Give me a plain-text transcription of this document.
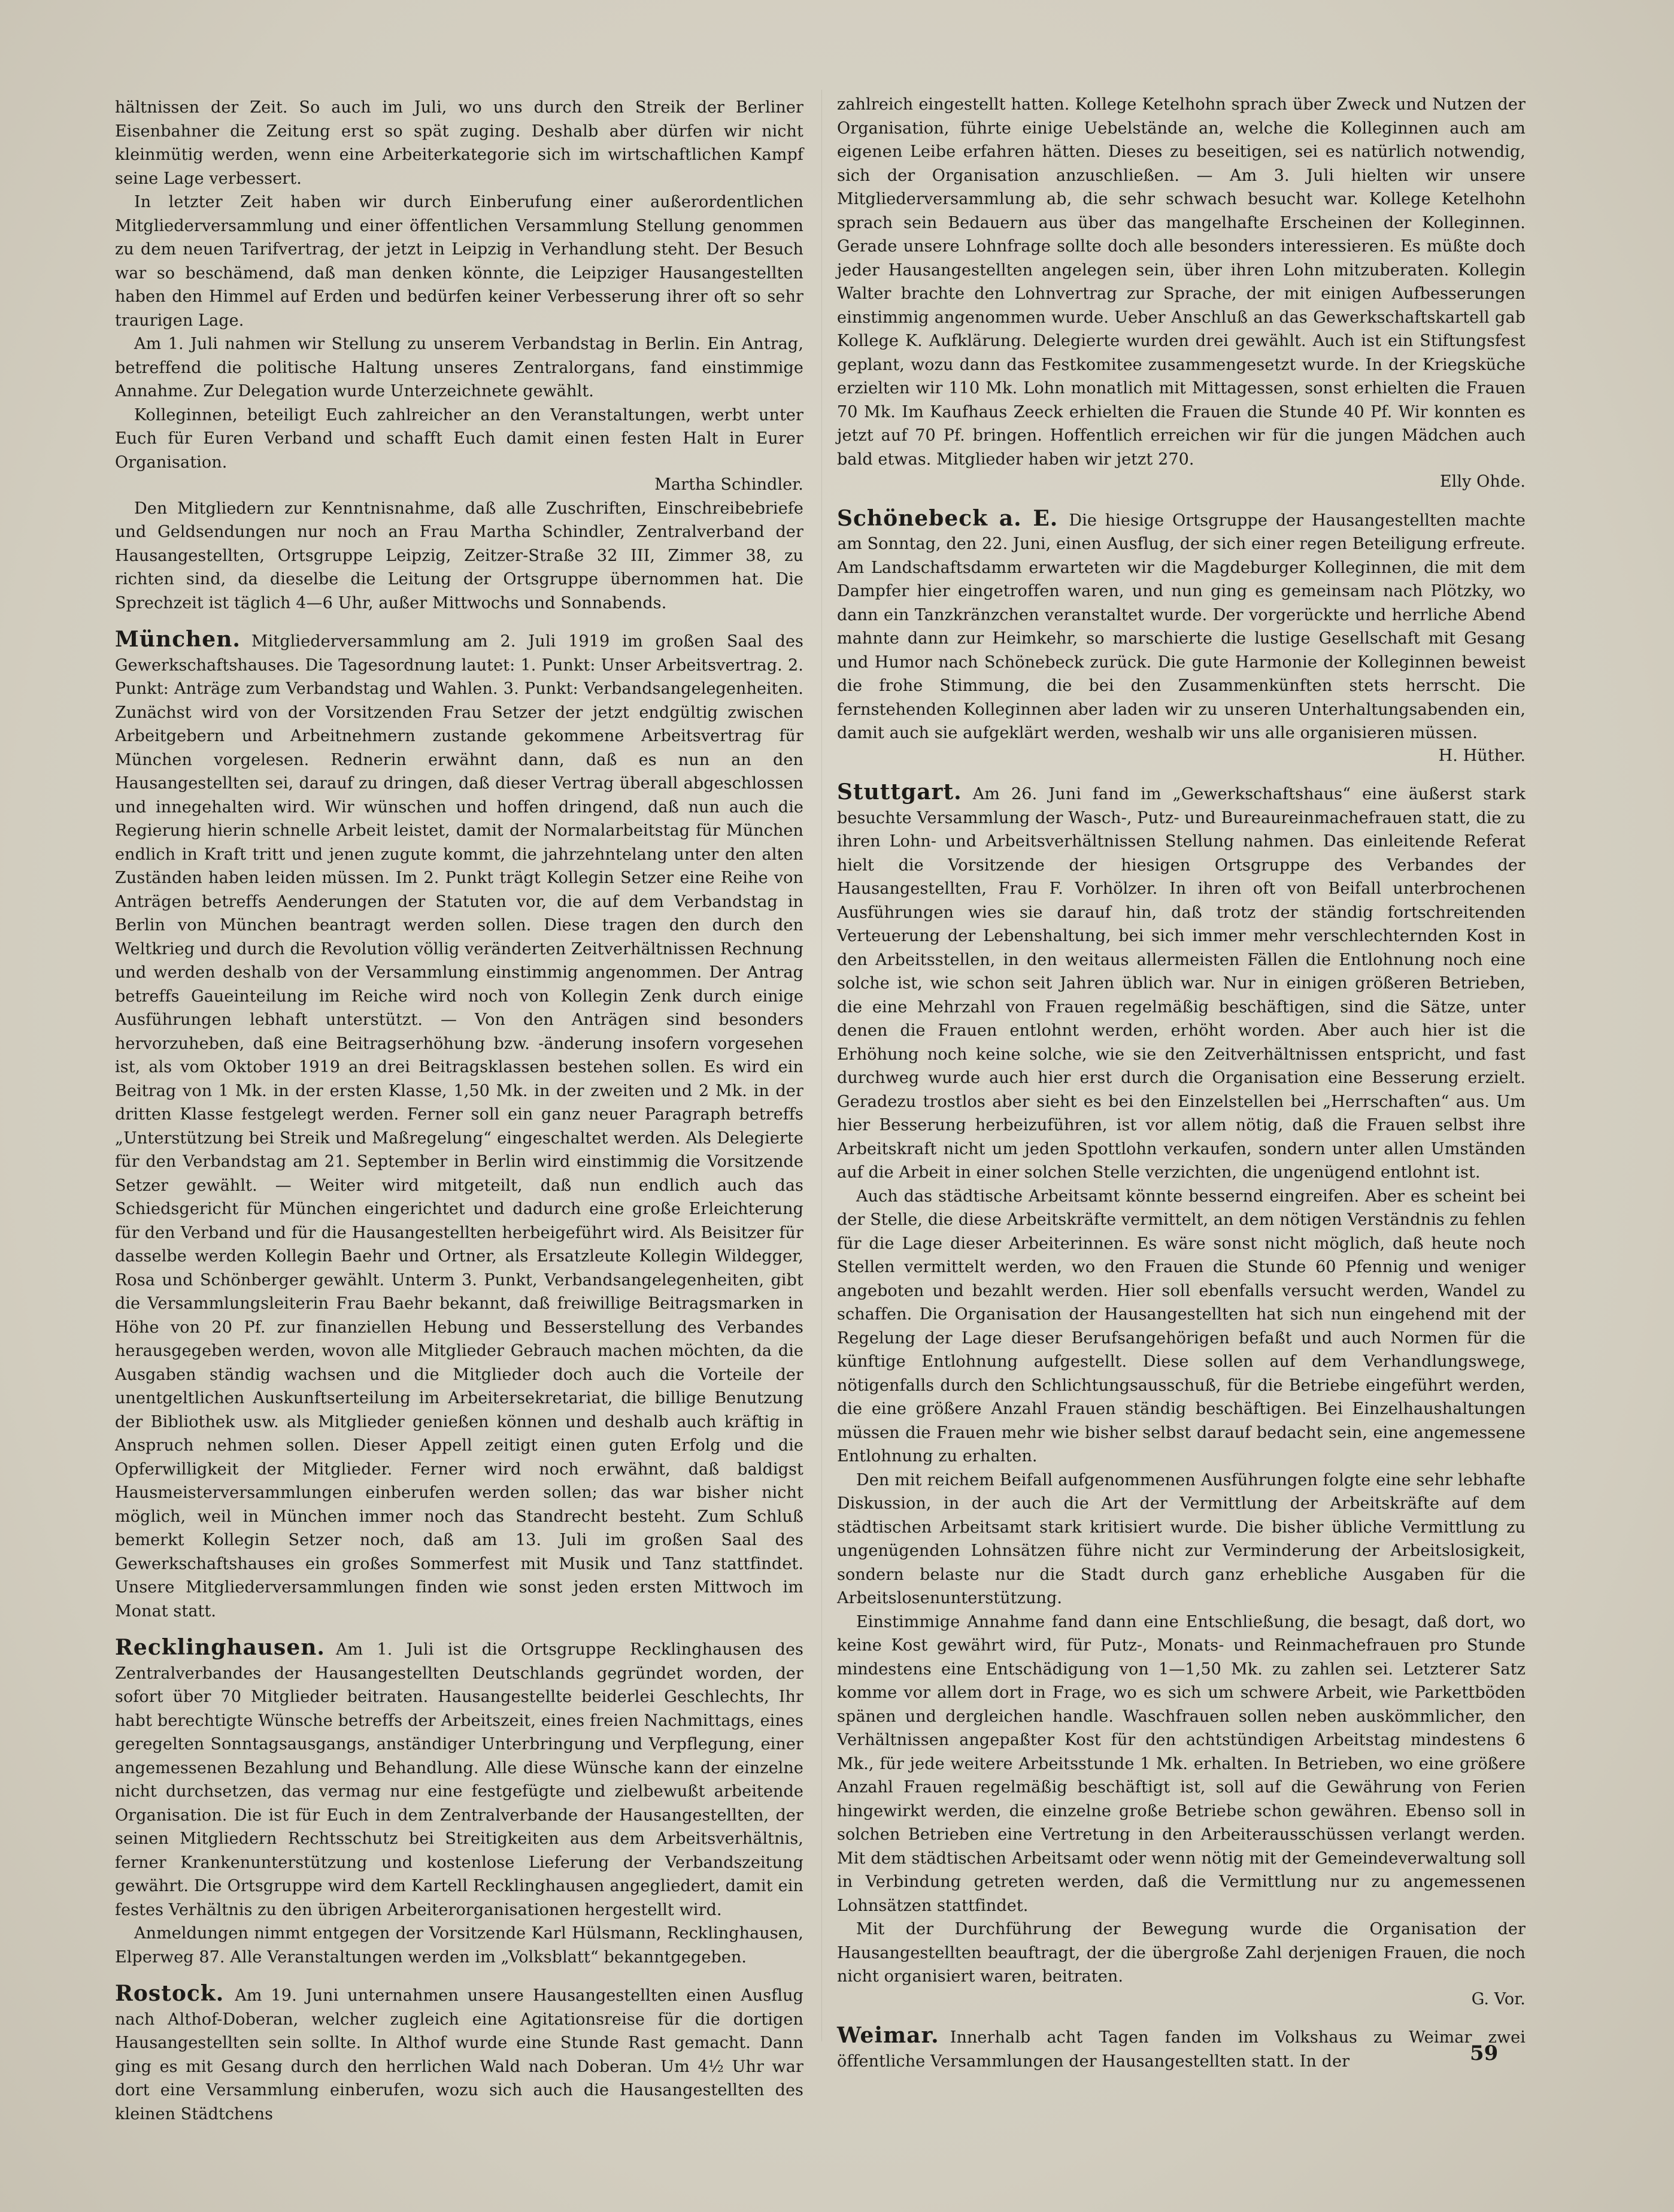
hältnissen der Zeit. So auch im Juli, wo uns durch den Streik der Berliner Eisenbahner die Zeitung erst so spät zuging. Deshalb aber dürfen wir nicht kleinmütig werden, wenn eine Arbeiterkategorie sich im wirtschaftlichen Kampf seine Lage verbessert.

In letzter Zeit haben wir durch Einberufung einer außerordentlichen Mitgliederversammlung und einer öffentlichen Versammlung Stellung genommen zu dem neuen Tarifvertrag, der jetzt in Leipzig in Verhandlung steht. Der Besuch war so beschämend, daß man denken könnte, die Leipziger Hausangestellten haben den Himmel auf Erden und bedürfen keiner Verbesserung ihrer oft so sehr traurigen Lage.

Am 1. Juli nahmen wir Stellung zu unserem Verbandstag in Berlin. Ein Antrag, betreffend die politische Haltung unseres Zentralorgans, fand einstimmige Annahme. Zur Delegation wurde Unterzeichnete gewählt.

Kolleginnen, beteiligt Euch zahlreicher an den Veranstaltungen, werbt unter Euch für Euren Verband und schafft Euch damit einen festen Halt in Eurer Organisation.

Martha Schindler.

Den Mitgliedern zur Kenntnisnahme, daß alle Zuschriften, Einschreibebriefe und Geldsendungen nur noch an Frau Martha Schindler, Zentralverband der Hausangestellten, Ortsgruppe Leipzig, Zeitzer-Straße 32 III, Zimmer 38, zu richten sind, da dieselbe die Leitung der Ortsgruppe übernommen hat. Die Sprechzeit ist täglich 4—6 Uhr, außer Mittwochs und Sonnabends.

München. Mitgliederversammlung am 2. Juli 1919 im großen Saal des Gewerkschaftshauses. Die Tagesordnung lautet: 1. Punkt: Unser Arbeitsvertrag. 2. Punkt: Anträge zum Verbandstag und Wahlen. 3. Punkt: Verbandsangelegenheiten. Zunächst wird von der Vorsitzenden Frau Setzer der jetzt endgültig zwischen Arbeitgebern und Arbeitnehmern zustande gekommene Arbeitsvertrag für München vorgelesen. Rednerin erwähnt dann, daß es nun an den Hausangestellten sei, darauf zu dringen, daß dieser Vertrag überall abgeschlossen und innegehalten wird. Wir wünschen und hoffen dringend, daß nun auch die Regierung hierin schnelle Arbeit leistet, damit der Normalarbeitstag für München endlich in Kraft tritt und jenen zugute kommt, die jahrzehntelang unter den alten Zuständen haben leiden müssen. Im 2. Punkt trägt Kollegin Setzer eine Reihe von Anträgen betreffs Aenderungen der Statuten vor, die auf dem Verbandstag in Berlin von München beantragt werden sollen. Diese tragen den durch den Weltkrieg und durch die Revolution völlig veränderten Zeitverhältnissen Rechnung und werden deshalb von der Versammlung einstimmig angenommen. Der Antrag betreffs Gaueinteilung im Reiche wird noch von Kollegin Zenk durch einige Ausführungen lebhaft unterstützt. — Von den Anträgen sind besonders hervorzuheben, daß eine Beitragserhöhung bzw. -änderung insofern vorgesehen ist, als vom Oktober 1919 an drei Beitragsklassen bestehen sollen. Es wird ein Beitrag von 1 Mk. in der ersten Klasse, 1,50 Mk. in der zweiten und 2 Mk. in der dritten Klasse festgelegt werden. Ferner soll ein ganz neuer Paragraph betreffs „Unterstützung bei Streik und Maßregelung“ eingeschaltet werden. Als Delegierte für den Verbandstag am 21. September in Berlin wird einstimmig die Vorsitzende Setzer gewählt. — Weiter wird mitgeteilt, daß nun endlich auch das Schiedsgericht für München eingerichtet und dadurch eine große Erleichterung für den Verband und für die Hausangestellten herbeigeführt wird. Als Beisitzer für dasselbe werden Kollegin Baehr und Ortner, als Ersatzleute Kollegin Wildegger, Rosa und Schönberger gewählt. Unterm 3. Punkt, Verbandsangelegenheiten, gibt die Versammlungsleiterin Frau Baehr bekannt, daß freiwillige Beitragsmarken in Höhe von 20 Pf. zur finanziellen Hebung und Besserstellung des Verbandes herausgegeben werden, wovon alle Mitglieder Gebrauch machen möchten, da die Ausgaben ständig wachsen und die Mitglieder doch auch die Vorteile der unentgeltlichen Auskunftserteilung im Arbeitersekretariat, die billige Benutzung der Bibliothek usw. als Mitglieder genießen können und deshalb auch kräftig in Anspruch nehmen sollen. Dieser Appell zeitigt einen guten Erfolg und die Opferwilligkeit der Mitglieder. Ferner wird noch erwähnt, daß baldigst Hausmeisterversammlungen einberufen werden sollen; das war bisher nicht möglich, weil in München immer noch das Standrecht besteht. Zum Schluß bemerkt Kollegin Setzer noch, daß am 13. Juli im großen Saal des Gewerkschaftshauses ein großes Sommerfest mit Musik und Tanz stattfindet. Unsere Mitgliederversammlungen finden wie sonst jeden ersten Mittwoch im Monat statt.

Recklinghausen. Am 1. Juli ist die Ortsgruppe Recklinghausen des Zentralverbandes der Hausangestellten Deutschlands gegründet worden, der sofort über 70 Mitglieder beitraten. Hausangestellte beiderlei Geschlechts, Ihr habt berechtigte Wünsche betreffs der Arbeitszeit, eines freien Nachmittags, eines geregelten Sonntagsausgangs, anständiger Unterbringung und Verpflegung, einer angemessenen Bezahlung und Behandlung. Alle diese Wünsche kann der einzelne nicht durchsetzen, das vermag nur eine festgefügte und zielbewußt arbeitende Organisation. Die ist für Euch in dem Zentralverbande der Hausangestellten, der seinen Mitgliedern Rechtsschutz bei Streitigkeiten aus dem Arbeitsverhältnis, ferner Krankenunterstützung und kostenlose Lieferung der Verbandszeitung gewährt. Die Ortsgruppe wird dem Kartell Recklinghausen angegliedert, damit ein festes Verhältnis zu den übrigen Arbeiterorganisationen hergestellt wird.

Anmeldungen nimmt entgegen der Vorsitzende Karl Hülsmann, Recklinghausen, Elperweg 87. Alle Veranstaltungen werden im „Volksblatt“ bekanntgegeben.

Rostock. Am 19. Juni unternahmen unsere Hausangestellten einen Ausflug nach Althof-Doberan, welcher zugleich eine Agitationsreise für die dortigen Hausangestellten sein sollte. In Althof wurde eine Stunde Rast gemacht. Dann ging es mit Gesang durch den herrlichen Wald nach Doberan. Um 4½ Uhr war dort eine Versammlung einberufen, wozu sich auch die Hausangestellten des kleinen Städtchens

zahlreich eingestellt hatten. Kollege Ketelhohn sprach über Zweck und Nutzen der Organisation, führte einige Uebelstände an, welche die Kolleginnen auch am eigenen Leibe erfahren hätten. Dieses zu beseitigen, sei es natürlich notwendig, sich der Organisation anzuschließen. — Am 3. Juli hielten wir unsere Mitgliederversammlung ab, die sehr schwach besucht war. Kollege Ketelhohn sprach sein Bedauern aus über das mangelhafte Erscheinen der Kolleginnen. Gerade unsere Lohnfrage sollte doch alle besonders interessieren. Es müßte doch jeder Hausangestellten angelegen sein, über ihren Lohn mitzuberaten. Kollegin Walter brachte den Lohnvertrag zur Sprache, der mit einigen Aufbesserungen einstimmig angenommen wurde. Ueber Anschluß an das Gewerkschaftskartell gab Kollege K. Aufklärung. Delegierte wurden drei gewählt. Auch ist ein Stiftungsfest geplant, wozu dann das Festkomitee zusammengesetzt wurde. In der Kriegsküche erzielten wir 110 Mk. Lohn monatlich mit Mittagessen, sonst erhielten die Frauen 70 Mk. Im Kaufhaus Zeeck erhielten die Frauen die Stunde 40 Pf. Wir konnten es jetzt auf 70 Pf. bringen. Hoffentlich erreichen wir für die jungen Mädchen auch bald etwas. Mitglieder haben wir jetzt 270.

Elly Ohde.

Schönebeck a. E. Die hiesige Ortsgruppe der Hausangestellten machte am Sonntag, den 22. Juni, einen Ausflug, der sich einer regen Beteiligung erfreute. Am Landschaftsdamm erwarteten wir die Magdeburger Kolleginnen, die mit dem Dampfer hier eingetroffen waren, und nun ging es gemeinsam nach Plötzky, wo dann ein Tanzkränzchen veranstaltet wurde. Der vorgerückte und herrliche Abend mahnte dann zur Heimkehr, so marschierte die lustige Gesellschaft mit Gesang und Humor nach Schönebeck zurück. Die gute Harmonie der Kolleginnen beweist die frohe Stimmung, die bei den Zusammenkünften stets herrscht. Die fernstehenden Kolleginnen aber laden wir zu unseren Unterhaltungsabenden ein, damit auch sie aufgeklärt werden, weshalb wir uns alle organisieren müssen.

H. Hüther.

Stuttgart. Am 26. Juni fand im „Gewerkschaftshaus“ eine äußerst stark besuchte Versammlung der Wasch-, Putz- und Bureaureinmachefrauen statt, die zu ihren Lohn- und Arbeitsverhältnissen Stellung nahmen. Das einleitende Referat hielt die Vorsitzende der hiesigen Ortsgruppe des Verbandes der Hausangestellten, Frau F. Vorhölzer. In ihren oft von Beifall unterbrochenen Ausführungen wies sie darauf hin, daß trotz der ständig fortschreitenden Verteuerung der Lebenshaltung, bei sich immer mehr verschlechternden Kost in den Arbeitsstellen, in den weitaus allermeisten Fällen die Entlohnung noch eine solche ist, wie schon seit Jahren üblich war. Nur in einigen größeren Betrieben, die eine Mehrzahl von Frauen regelmäßig beschäftigen, sind die Sätze, unter denen die Frauen entlohnt werden, erhöht worden. Aber auch hier ist die Erhöhung noch keine solche, wie sie den Zeitverhältnissen entspricht, und fast durchweg wurde auch hier erst durch die Organisation eine Besserung erzielt. Geradezu trostlos aber sieht es bei den Einzelstellen bei „Herrschaften“ aus. Um hier Besserung herbeizuführen, ist vor allem nötig, daß die Frauen selbst ihre Arbeitskraft nicht um jeden Spottlohn verkaufen, sondern unter allen Umständen auf die Arbeit in einer solchen Stelle verzichten, die ungenügend entlohnt ist.

Auch das städtische Arbeitsamt könnte bessernd eingreifen. Aber es scheint bei der Stelle, die diese Arbeitskräfte vermittelt, an dem nötigen Verständnis zu fehlen für die Lage dieser Arbeiterinnen. Es wäre sonst nicht möglich, daß heute noch Stellen vermittelt werden, wo den Frauen die Stunde 60 Pfennig und weniger angeboten und bezahlt werden. Hier soll ebenfalls versucht werden, Wandel zu schaffen. Die Organisation der Hausangestellten hat sich nun eingehend mit der Regelung der Lage dieser Berufsangehörigen befaßt und auch Normen für die künftige Entlohnung aufgestellt. Diese sollen auf dem Verhandlungswege, nötigenfalls durch den Schlichtungsausschuß, für die Betriebe eingeführt werden, die eine größere Anzahl Frauen ständig beschäftigen. Bei Einzelhaushaltungen müssen die Frauen mehr wie bisher selbst darauf bedacht sein, eine angemessene Entlohnung zu erhalten.

Den mit reichem Beifall aufgenommenen Ausführungen folgte eine sehr lebhafte Diskussion, in der auch die Art der Vermittlung der Arbeitskräfte auf dem städtischen Arbeitsamt stark kritisiert wurde. Die bisher übliche Vermittlung zu ungenügenden Lohnsätzen führe nicht zur Verminderung der Arbeitslosigkeit, sondern belaste nur die Stadt durch ganz erhebliche Ausgaben für die Arbeitslosenunterstützung.

Einstimmige Annahme fand dann eine Entschließung, die besagt, daß dort, wo keine Kost gewährt wird, für Putz-, Monats- und Reinmachefrauen pro Stunde mindestens eine Entschädigung von 1—1,50 Mk. zu zahlen sei. Letzterer Satz komme vor allem dort in Frage, wo es sich um schwere Arbeit, wie Parkettböden spänen und dergleichen handle. Waschfrauen sollen neben auskömmlicher, den Verhältnissen angepaßter Kost für den achtstündigen Arbeitstag mindestens 6 Mk., für jede weitere Arbeitsstunde 1 Mk. erhalten. In Betrieben, wo eine größere Anzahl Frauen regelmäßig beschäftigt ist, soll auf die Gewährung von Ferien hingewirkt werden, die einzelne große Betriebe schon gewähren. Ebenso soll in solchen Betrieben eine Vertretung in den Arbeiterausschüssen verlangt werden. Mit dem städtischen Arbeitsamt oder wenn nötig mit der Gemeindeverwaltung soll in Verbindung getreten werden, daß die Vermittlung nur zu angemessenen Lohnsätzen stattfindet.

Mit der Durchführung der Bewegung wurde die Organisation der Hausangestellten beauftragt, der die übergroße Zahl derjenigen Frauen, die noch nicht organisiert waren, beitraten.

G. Vor.

Weimar. Innerhalb acht Tagen fanden im Volkshaus zu Weimar zwei öffentliche Versammlungen der Hausangestellten statt. In der	59
